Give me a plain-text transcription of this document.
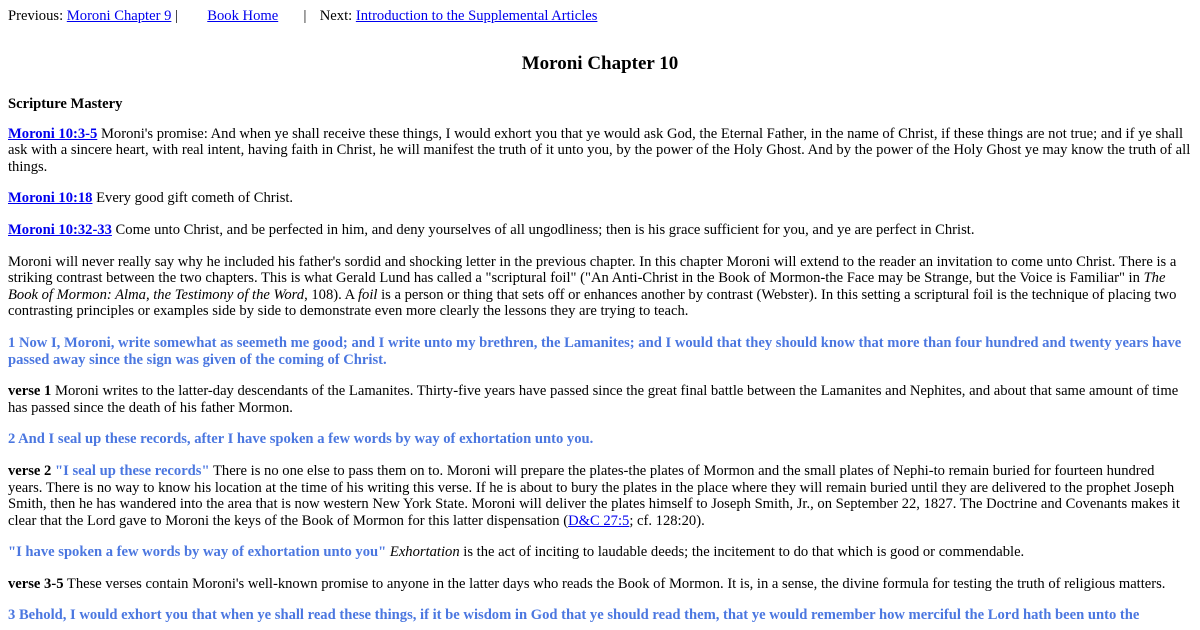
Previous: Moroni Chapter 9 | Book Home | Next: Introduction to the Supplemental Articles
Moroni Chapter 10
Scripture Mastery

Moroni 10:3-5 Moroni's promise: And when ye shall receive these things, I would exhort you that ye would ask God, the Eternal Father, in the name of Christ, if these things are not true; and if ye shall ask with a sincere heart, with real intent, having faith in Christ, he will manifest the truth of it unto you, by the power of the Holy Ghost. And by the power of the Holy Ghost ye may know the truth of all things.

Moroni 10:18 Every good gift cometh of Christ.

Moroni 10:32-33 Come unto Christ, and be perfected in him, and deny yourselves of all ungodliness; then is his grace sufficient for you, and ye are perfect in Christ.

Moroni will never really say why he included his father's sordid and shocking letter in the previous chapter. In this chapter Moroni will extend to the reader an invitation to come unto Christ. There is a striking contrast between the two chapters. This is what Gerald Lund has called a "scriptural foil" ("An Anti-Christ in the Book of Mormon-the Face may be Strange, but the Voice is Familiar" in The Book of Mormon: Alma, the Testimony of the Word, 108). A foil is a person or thing that sets off or enhances another by contrast (Webster). In this setting a scriptural foil is the technique of placing two contrasting principles or examples side by side to demonstrate even more clearly the lessons they are trying to teach.

1 Now I, Moroni, write somewhat as seemeth me good; and I write unto my brethren, the Lamanites; and I would that they should know that more than four hundred and twenty years have passed away since the sign was given of the coming of Christ.

verse 1 Moroni writes to the latter-day descendants of the Lamanites. Thirty-five years have passed since the great final battle between the Lamanites and Nephites, and about that same amount of time has passed since the death of his father Mormon.

2 And I seal up these records, after I have spoken a few words by way of exhortation unto you.

verse 2 "I seal up these records" There is no one else to pass them on to. Moroni will prepare the plates-the plates of Mormon and the small plates of Nephi-to remain buried for fourteen hundred years. There is no way to know his location at the time of his writing this verse. If he is about to bury the plates in the place where they will remain buried until they are delivered to the prophet Joseph Smith, then he has wandered into the area that is now western New York State. Moroni will deliver the plates himself to Joseph Smith, Jr., on September 22, 1827. The Doctrine and Covenants makes it clear that the Lord gave to Moroni the keys of the Book of Mormon for this latter dispensation (D&C 27:5; cf. 128:20).

"I have spoken a few words by way of exhortation unto you" Exhortation is the act of inciting to laudable deeds; the incitement to do that which is good or commendable.

verse 3-5 These verses contain Moroni's well-known promise to anyone in the latter days who reads the Book of Mormon. It is, in a sense, the divine formula for testing the truth of religious matters.

3 Behold, I would exhort you that when ye shall read these things, if it be wisdom in God that ye should read them, that ye would remember how merciful the Lord hath been unto the
